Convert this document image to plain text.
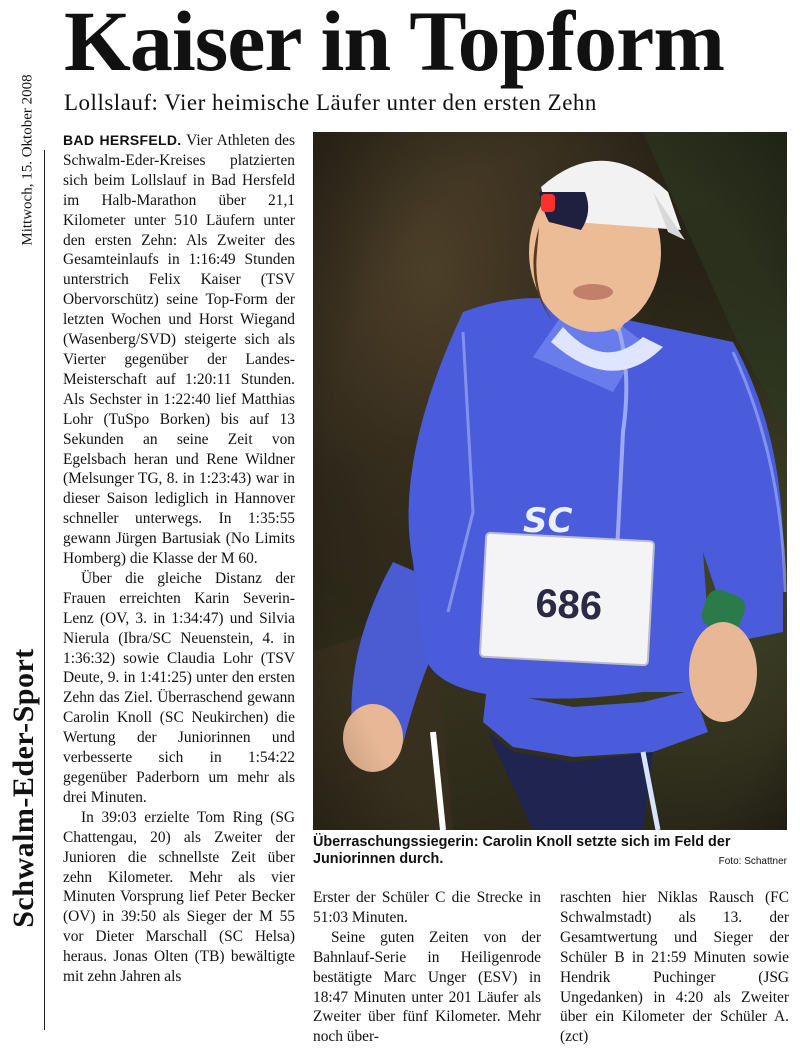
Mittwoch, 15. Oktober 2008
Schwalm-Eder-Sport
Kaiser in Topform
Lollslauf: Vier heimische Läufer unter den ersten Zehn

BAD HERSFELD. Vier Athleten des Schwalm-Eder-Kreises platzierten sich beim Lollslauf in Bad Hersfeld im Halb-Marathon über 21,1 Kilometer unter 510 Läufern unter den ersten Zehn: Als Zweiter des Gesamteinlaufs in 1:16:49 Stunden unterstrich Felix Kaiser (TSV Obervorschütz) seine Top-Form der letzten Wochen und Horst Wiegand (Wasenberg/SVD) steigerte sich als Vierter gegenüber der Landes-Meisterschaft auf 1:20:11 Stunden. Als Sechster in 1:22:40 lief Matthias Lohr (TuSpo Borken) bis auf 13 Sekunden an seine Zeit von Egelsbach heran und Rene Wildner (Melsunger TG, 8. in 1:23:43) war in dieser Saison lediglich in Hannover schneller unterwegs. In 1:35:55 gewann Jürgen Bartusiak (No Limits Homberg) die Klasse der M 60.

Über die gleiche Distanz der Frauen erreichten Karin Severin-Lenz (OV, 3. in 1:34:47) und Silvia Nierula (Ibra/SC Neuenstein, 4. in 1:36:32) sowie Claudia Lohr (TSV Deute, 9. in 1:41:25) unter den ersten Zehn das Ziel. Überraschend gewann Carolin Knoll (SC Neukirchen) die Wertung der Juniorinnen und verbesserte sich in 1:54:22 gegenüber Paderborn um mehr als drei Minuten.

In 39:03 erzielte Tom Ring (SG Chattengau, 20) als Zweiter der Junioren die schnellste Zeit über zehn Kilometer. Mehr als vier Minuten Vorsprung lief Peter Becker (OV) in 39:50 als Sieger der M 55 vor Dieter Marschall (SC Helsa) heraus. Jonas Olten (TB) bewältigte mit zehn Jahren als

Überraschungssiegerin: Carolin Knoll setzte sich im Feld der Juniorinnen durch.	Foto: Schattner

Erster der Schüler C die Strecke in 51:03 Minuten.

Seine guten Zeiten von der Bahnlauf-Serie in Heiligenrode bestätigte Marc Unger (ESV) in 18:47 Minuten unter 201 Läufer als Zweiter über fünf Kilometer. Mehr noch über-

raschten hier Niklas Rausch (FC Schwalmstadt) als 13. der Gesamtwertung und Sieger der Schüler B in 21:59 Minuten sowie Hendrik Puchinger (JSG Ungedanken) in 4:20 als Zweiter über ein Kilometer der Schüler A. (zct)
